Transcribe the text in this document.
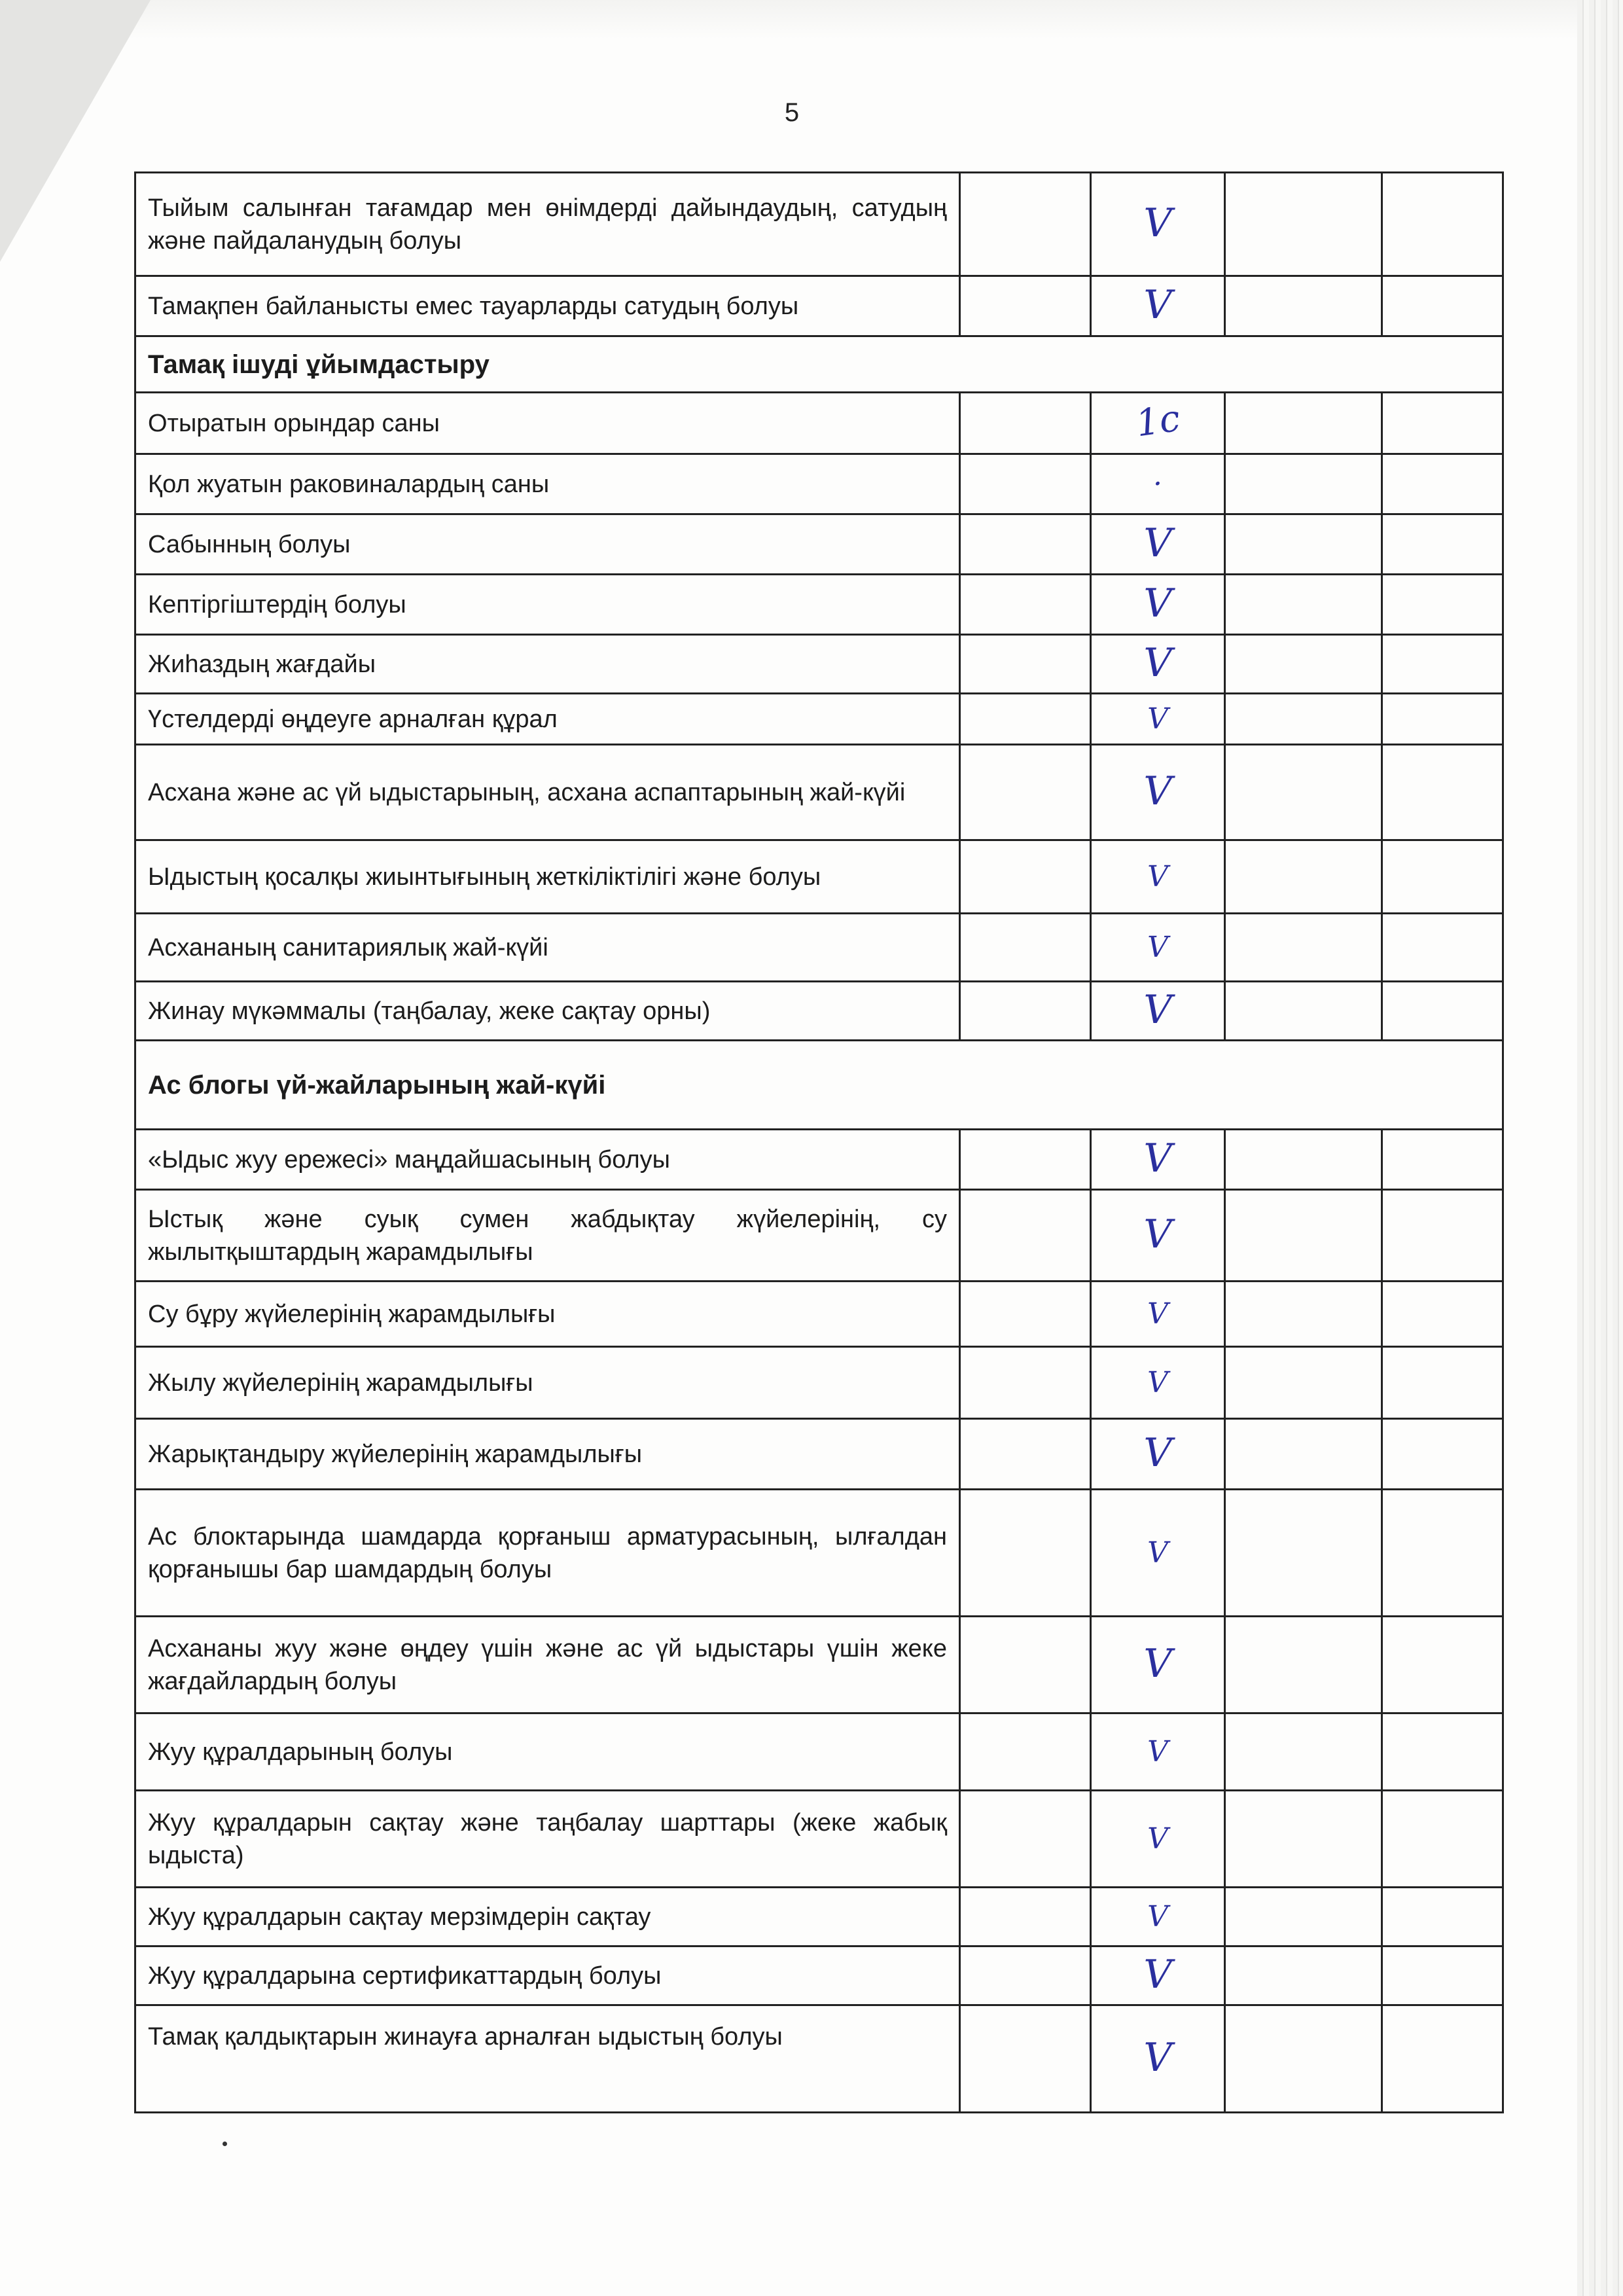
5
Тыйым салынған тағамдар мен өнімдерді дайындаудың, сатудың және пайдаланудың болуы		V		
Тамақпен байланысты емес тауарларды сатудың болуы		V		
Тамақ ішуді ұйымдастыру				
Отыратын орындар саны		1с		
Қол жуатын раковиналардың саны		·		
Сабынның болуы		V		
Кептіргіштердің болуы		V		
Жиһаздың жағдайы		V		
Үстелдерді өңдеуге арналған құрал		V		
Асхана және ас үй ыдыстарының, асхана аспаптарының жай-күйі		V		
Ыдыстың қосалқы жиынтығының жеткіліктілігі және болуы		V		
Асхананың санитариялық жай-күйі		V		
Жинау мүкәммалы (таңбалау, жеке сақтау орны)		V		
Ас блогы үй-жайларының жай-күйі				
«Ыдыс жуу ережесі» маңдайшасының болуы		V		
Ыстық және суық сумен жабдықтау жүйелерінің, су жылытқыштардың жарамдылығы		V		
Су бұру жүйелерінің жарамдылығы		V		
Жылу жүйелерінің жарамдылығы		V		
Жарықтандыру жүйелерінің жарамдылығы		V		
Ас блоктарында шамдарда қорғаныш арматурасының, ылғалдан қорғанышы бар шамдардың болуы		V		
Асхананы жуу және өңдеу үшін және ас үй ыдыстары үшін жеке жағдайлардың болуы		V		
Жуу құралдарының болуы		V		
Жуу құралдарын сақтау және таңбалау шарттары (жеке жабық ыдыста)		V		
Жуу құралдарын сақтау мерзімдерін сақтау		V		
Жуу құралдарына сертификаттардың болуы		V		
Тамақ қалдықтарын жинауға арналған ыдыстың болуы		V		
